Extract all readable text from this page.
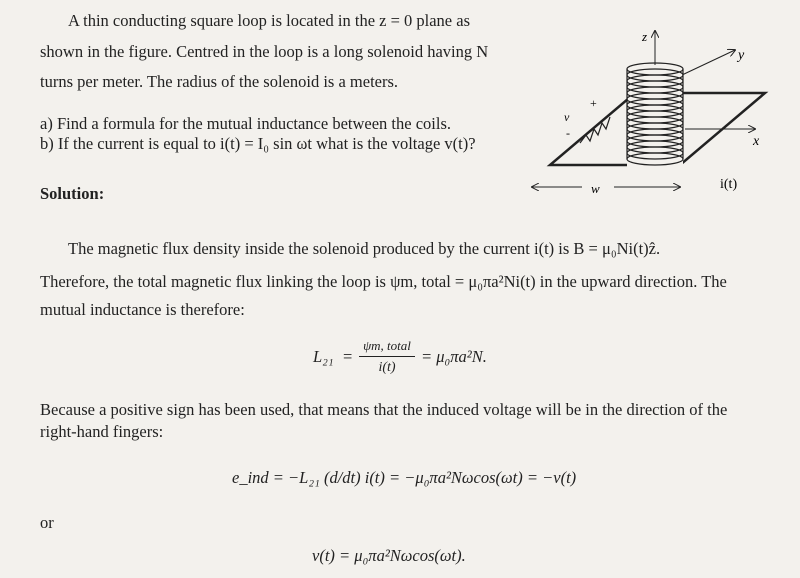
A thin conducting square loop is located in the z = 0 plane as
shown in the figure. Centred in the loop is a long solenoid having N
turns per meter. The radius of the solenoid is a meters.
a) Find a formula for the mutual inductance between the coils.
b) If the current is equal to i(t) = I₀ sin ωt what is the voltage v(t)?
z
y
x
v
+
-
w	i(t)
Solution:
The magnetic flux density inside the solenoid produced by the current i(t) is B = μ₀Ni(t)ẑ.
Therefore, the total magnetic flux linking the loop is ψm, total = μ₀πa²Ni(t) in the upward direction. The
mutual inductance is therefore:
L₂₁ =
ψm, total
i(t)
= μ₀πa²N.
Because a positive sign has been used, that means that the induced voltage will be in the direction of the
right-hand fingers:
e_ind = −L₂₁ (d/dt) i(t) = −μ₀πa²Nωcos(ωt) = −v(t)
or
v(t) = μ₀πa²Nωcos(ωt).
